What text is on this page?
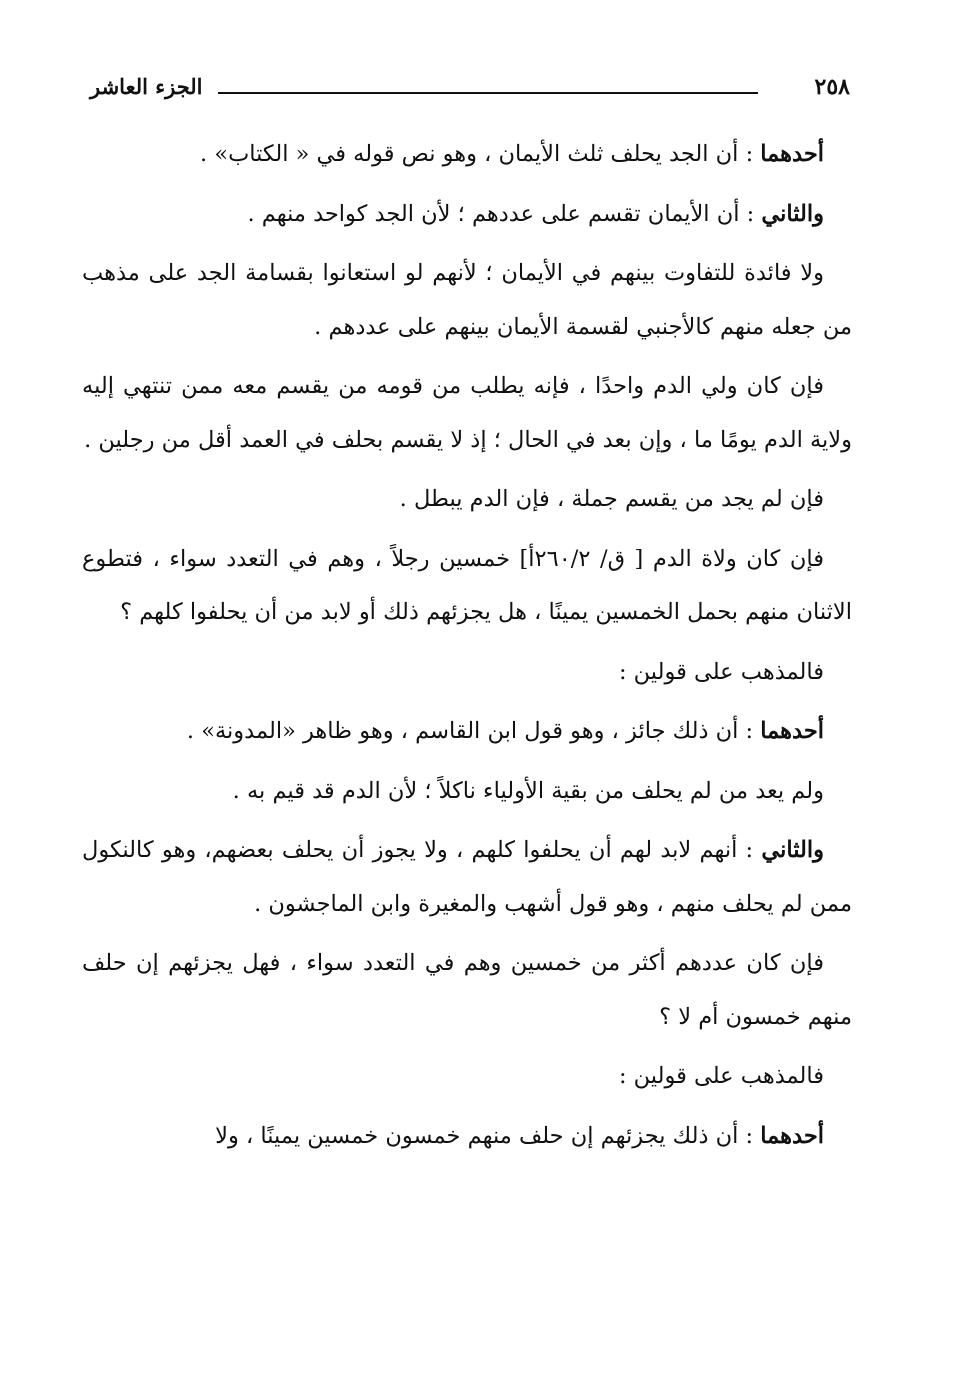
الجزء العاشر	٢٥٨

أحدهما : أن الجد يحلف ثلث الأيمان ، وهو نص قوله في « الكتاب» .

والثاني : أن الأيمان تقسم على عددهم ؛ لأن الجد كواحد منهم .

ولا فائدة للتفاوت بينهم في الأيمان ؛ لأنهم لو استعانوا بقسامة الجد على مذهب من جعله منهم كالأجنبي لقسمة الأيمان بينهم على عددهم .

فإن كان ولي الدم واحدًا ، فإنه يطلب من قومه من يقسم معه ممن تنتهي إليه ولاية الدم يومًا ما ، وإن بعد في الحال ؛ إذ لا يقسم بحلف في العمد أقل من رجلين .

فإن لم يجد من يقسم جملة ، فإن الدم يبطل .

فإن كان ولاة الدم [ ق/ ٢٦٠/٢أ] خمسين رجلاً ، وهم في التعدد سواء ، فتطوع الاثنان منهم بحمل الخمسين يمينًا ، هل يجزئهم ذلك أو لابد من أن يحلفوا كلهم ؟

فالمذهب على قولين :

أحدهما : أن ذلك جائز ، وهو قول ابن القاسم ، وهو ظاهر «المدونة» .

ولم يعد من لم يحلف من بقية الأولياء ناكلاً ؛ لأن الدم قد قيم به .

والثاني : أنهم لابد لهم أن يحلفوا كلهم ، ولا يجوز أن يحلف بعضهم، وهو كالنكول ممن لم يحلف منهم ، وهو قول أشهب والمغيرة وابن الماجشون .

فإن كان عددهم أكثر من خمسين وهم في التعدد سواء ، فهل يجزئهم إن حلف منهم خمسون أم لا ؟

فالمذهب على قولين :

أحدهما : أن ذلك يجزئهم إن حلف منهم خمسون خمسين يمينًا ، ولا
